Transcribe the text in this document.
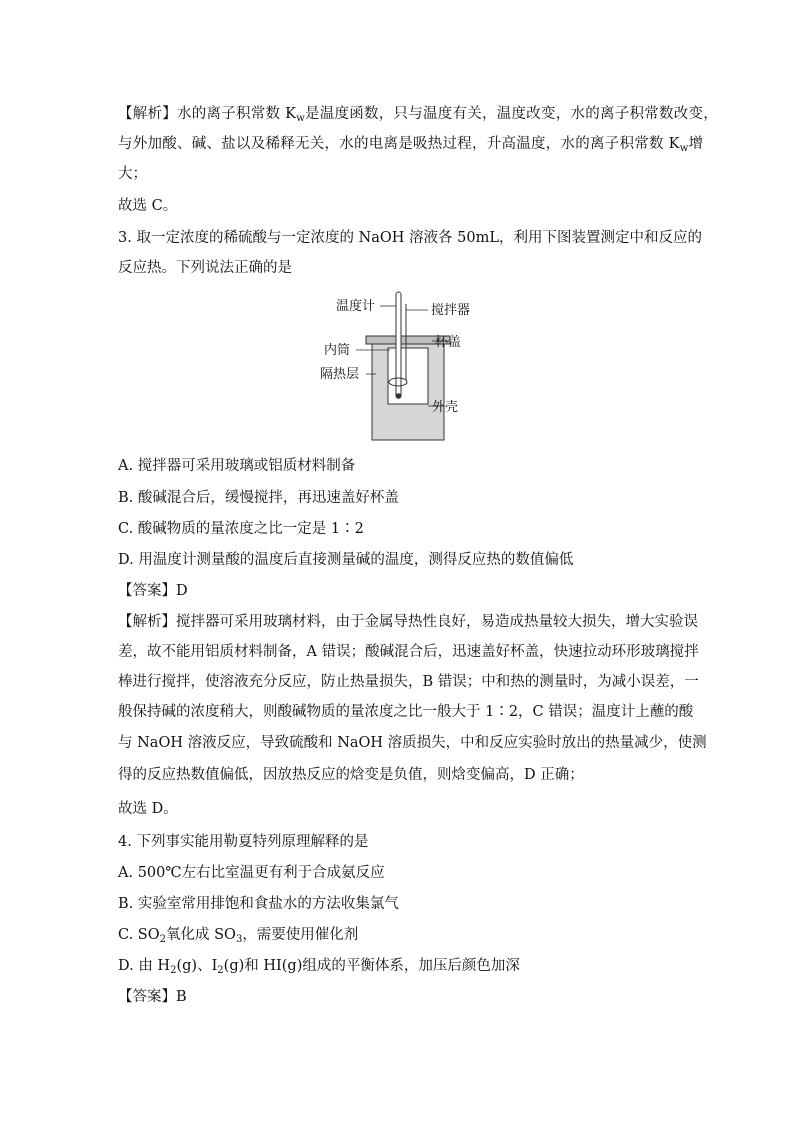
【解析】水的离子积常数 $K_w$是温度函数，只与温度有关，温度改变，水的离子积常数改变，
与外加酸、碱、盐以及稀释无关，水的电离是吸热过程，升高温度，水的离子积常数 $K_w$增
大；
故选 C。
3. 取一定浓度的稀硫酸与一定浓度的 NaOH 溶液各 50mL，利用下图装置测定中和反应的
反应热。下列说法正确的是
温度计	搅拌器
杯盖
内筒
隔热层
外壳
A. 搅拌器可采用玻璃或铝质材料制备
B. 酸碱混合后，缓慢搅拌，再迅速盖好杯盖
C. 酸碱物质的量浓度之比一定是 1∶2
D. 用温度计测量酸的温度后直接测量碱的温度，测得反应热的数值偏低
【答案】D
【解析】搅拌器可采用玻璃材料，由于金属导热性良好，易造成热量较大损失，增大实验误
差，故不能用铝质材料制备，A 错误；酸碱混合后，迅速盖好杯盖，快速拉动环形玻璃搅拌
棒进行搅拌，使溶液充分反应，防止热量损失，B 错误；中和热的测量时，为减小误差，一
般保持碱的浓度稍大，则酸碱物质的量浓度之比一般大于 1∶2，C 错误；温度计上蘸的酸
与 NaOH 溶液反应，导致硫酸和 NaOH 溶质损失，中和反应实验时放出的热量减少，使测
得的反应热数值偏低，因放热反应的焓变是负值，则焓变偏高，D 正确；
故选 D。
4. 下列事实能用勒夏特列原理解释的是
A. 500℃左右比室温更有利于合成氨反应
B. 实验室常用排饱和食盐水的方法收集氯气
C. $SO_2$氧化成 $SO_3$，需要使用催化剂
D. 由 $H_2(g)$、$I_2(g)$和 HI(g)组成的平衡体系，加压后颜色加深
【答案】B
